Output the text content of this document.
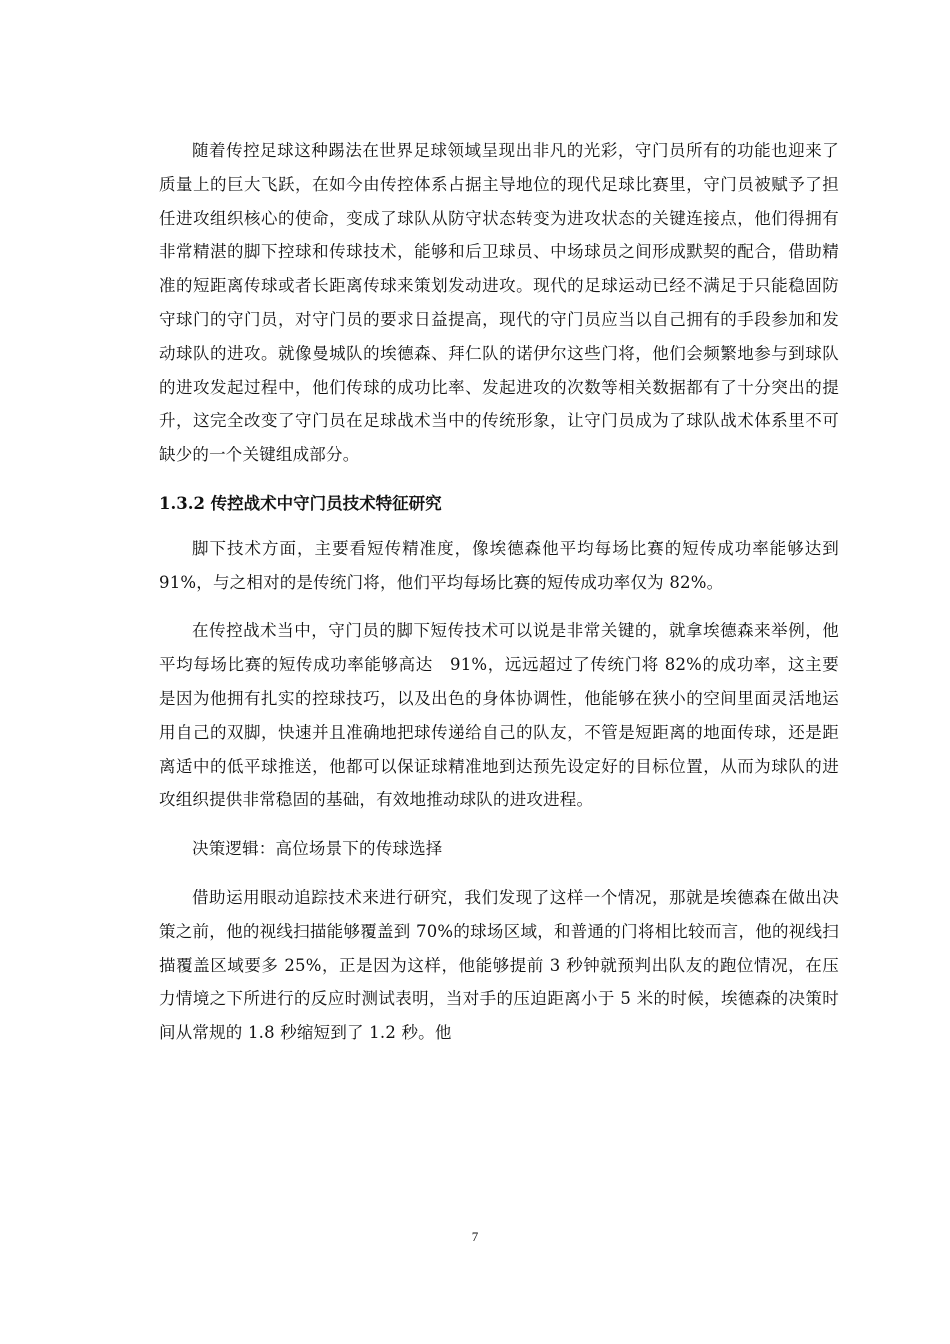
随着传控足球这种踢法在世界足球领域呈现出非凡的光彩，守门员所有的功能也迎来了质量上的巨大飞跃，在如今由传控体系占据主导地位的现代足球比赛里，守门员被赋予了担任进攻组织核心的使命，变成了球队从防守状态转变为进攻状态的关键连接点，他们得拥有非常精湛的脚下控球和传球技术，能够和后卫球员、中场球员之间形成默契的配合，借助精准的短距离传球或者长距离传球来策划发动进攻。现代的足球运动已经不满足于只能稳固防守球门的守门员，对守门员的要求日益提高，现代的守门员应当以自己拥有的手段参加和发动球队的进攻。就像曼城队的埃德森、拜仁队的诺伊尔这些门将，他们会频繁地参与到球队的进攻发起过程中，他们传球的成功比率、发起进攻的次数等相关数据都有了十分突出的提升，这完全改变了守门员在足球战术当中的传统形象，让守门员成为了球队战术体系里不可缺少的一个关键组成部分。

1.3.2 传控战术中守门员技术特征研究

脚下技术方面，主要看短传精准度，像埃德森他平均每场比赛的短传成功率能够达到 91%，与之相对的是传统门将，他们平均每场比赛的短传成功率仅为 82%。

在传控战术当中，守门员的脚下短传技术可以说是非常关键的，就拿埃德森来举例，他平均每场比赛的短传成功率能够高达　91%，远远超过了传统门将 82%的成功率，这主要是因为他拥有扎实的控球技巧，以及出色的身体协调性，他能够在狭小的空间里面灵活地运用自己的双脚，快速并且准确地把球传递给自己的队友，不管是短距离的地面传球，还是距离适中的低平球推送，他都可以保证球精准地到达预先设定好的目标位置，从而为球队的进攻组织提供非常稳固的基础，有效地推动球队的进攻进程。

决策逻辑：高位场景下的传球选择

借助运用眼动追踪技术来进行研究，我们发现了这样一个情况，那就是埃德森在做出决策之前，他的视线扫描能够覆盖到 70%的球场区域，和普通的门将相比较而言，他的视线扫描覆盖区域要多 25%，正是因为这样，他能够提前 3 秒钟就预判出队友的跑位情况，在压力情境之下所进行的反应时测试表明，当对手的压迫距离小于 5 米的时候，埃德森的决策时间从常规的 1.8 秒缩短到了 1.2 秒。他

7
